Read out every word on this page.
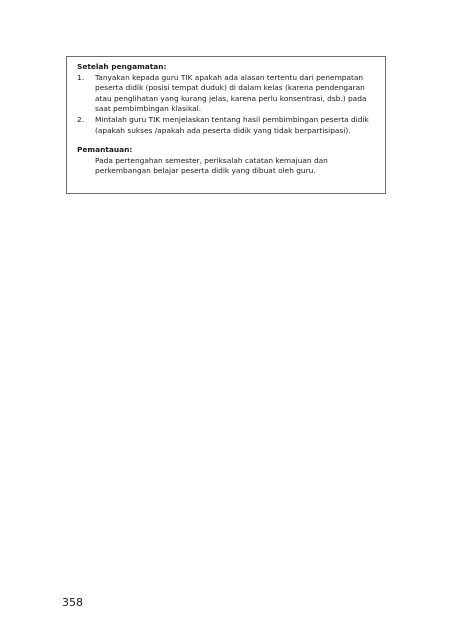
Setelah pengamatan:

1.	Tanyakan kepada guru TIK apakah ada alasan tertentu dari penempatan peserta didik (posisi tempat duduk) di dalam kelas (karena pendengaran atau penglihatan yang kurang jelas, karena perlu konsentrasi, dsb.) pada saat pembimbingan klasikal.
2.	Mintalah guru TIK menjelaskan tentang hasil pembimbingan peserta didik (apakah sukses /apakah ada peserta didik yang tidak berpartisipasi).

Pemantauan:

Pada pertengahan semester, periksalah catatan kemajuan dan perkembangan belajar peserta didik yang dibuat oleh guru.

358
